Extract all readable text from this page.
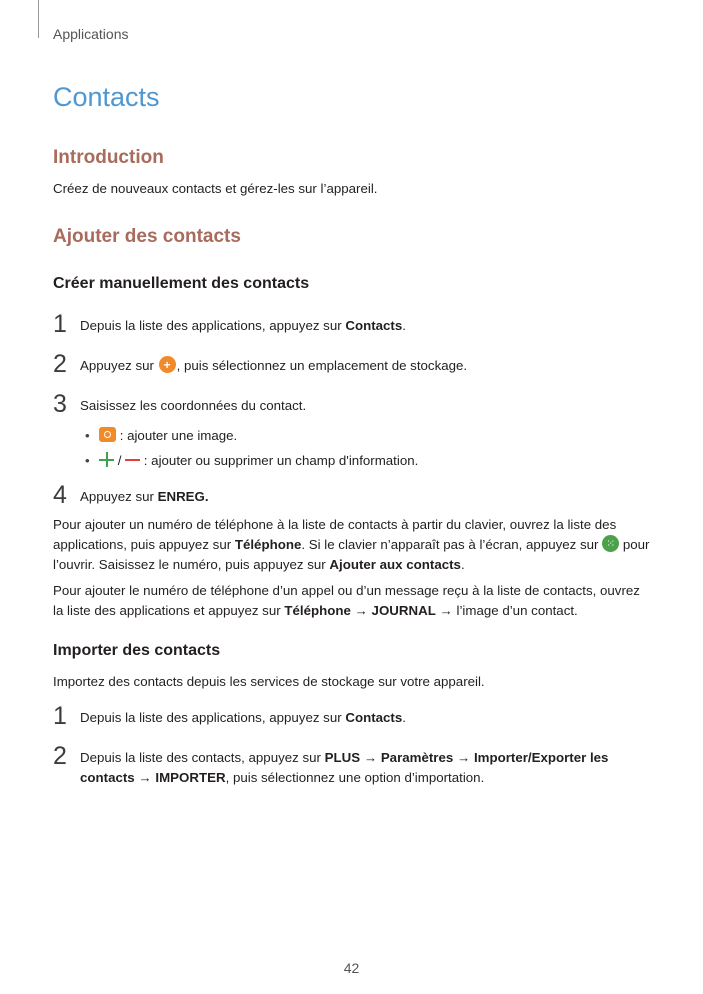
Applications
Contacts
Introduction

Créez de nouveaux contacts et gérez-les sur l’appareil.

Ajouter des contacts
Créer manuellement des contacts
1 Depuis la liste des applications, appuyez sur Contacts.
2 Appuyez sur +, puis sélectionnez un emplacement de stockage.
3 Saisissez les coordonnées du contact.
• : ajouter une image.
• /  : ajouter ou supprimer un champ d'information.
4 Appuyez sur ENREG.

Pour ajouter un numéro de téléphone à la liste de contacts à partir du clavier, ouvrez la liste des applications, puis appuyez sur Téléphone. Si le clavier n’apparaît pas à l’écran, appuyez sur ⁙ pour l’ouvrir. Saisissez le numéro, puis appuyez sur Ajouter aux contacts.

Pour ajouter le numéro de téléphone d’un appel ou d’un message reçu à la liste de contacts, ouvrez la liste des applications et appuyez sur Téléphone → JOURNAL → l’image d’un contact.

Importer des contacts

Importez des contacts depuis les services de stockage sur votre appareil.

1 Depuis la liste des applications, appuyez sur Contacts.
2 Depuis la liste des contacts, appuyez sur PLUS → Paramètres → Importer/Exporter les contacts → IMPORTER, puis sélectionnez une option d’importation.
42
